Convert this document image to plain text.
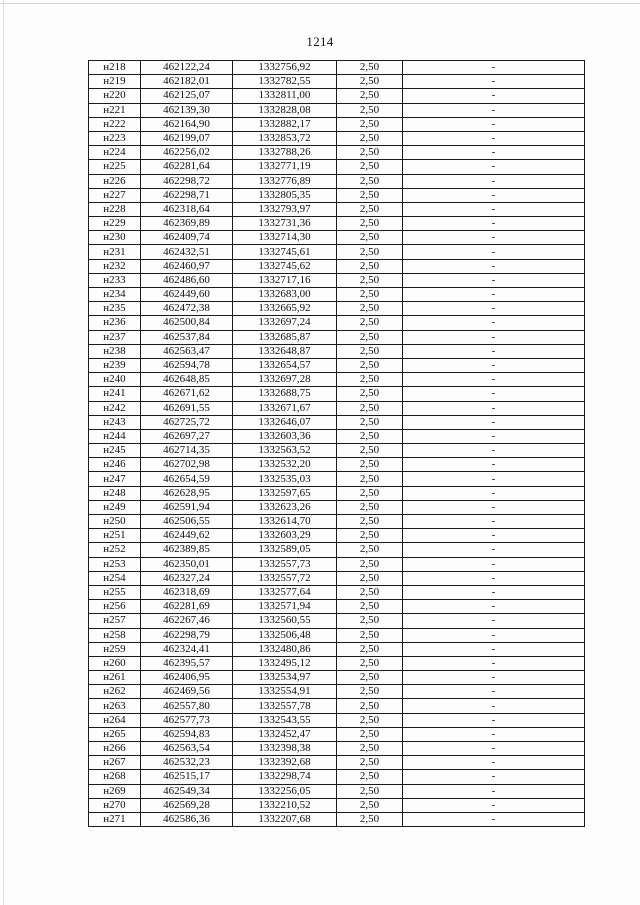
1214
н218	462122,24	1332756,92	2,50	-
н219	462182,01	1332782,55	2,50	-
н220	462125,07	1332811,00	2,50	-
н221	462139,30	1332828,08	2,50	-
н222	462164,90	1332882,17	2,50	-
н223	462199,07	1332853,72	2,50	-
н224	462256,02	1332788,26	2,50	-
н225	462281,64	1332771,19	2,50	-
н226	462298,72	1332776,89	2,50	-
н227	462298,71	1332805,35	2,50	-
н228	462318,64	1332793,97	2,50	-
н229	462369,89	1332731,36	2,50	-
н230	462409,74	1332714,30	2,50	-
н231	462432,51	1332745,61	2,50	-
н232	462460,97	1332745,62	2,50	-
н233	462486,60	1332717,16	2,50	-
н234	462449,60	1332683,00	2,50	-
н235	462472,38	1332665,92	2,50	-
н236	462500,84	1332697,24	2,50	-
н237	462537,84	1332685,87	2,50	-
н238	462563,47	1332648,87	2,50	-
н239	462594,78	1332654,57	2,50	-
н240	462648,85	1332697,28	2,50	-
н241	462671,62	1332688,75	2,50	-
н242	462691,55	1332671,67	2,50	-
н243	462725,72	1332646,07	2,50	-
н244	462697,27	1332603,36	2,50	-
н245	462714,35	1332563,52	2,50	-
н246	462702,98	1332532,20	2,50	-
н247	462654,59	1332535,03	2,50	-
н248	462628,95	1332597,65	2,50	-
н249	462591,94	1332623,26	2,50	-
н250	462506,55	1332614,70	2,50	-
н251	462449,62	1332603,29	2,50	-
н252	462389,85	1332589,05	2,50	-
н253	462350,01	1332557,73	2,50	-
н254	462327,24	1332557,72	2,50	-
н255	462318,69	1332577,64	2,50	-
н256	462281,69	1332571,94	2,50	-
н257	462267,46	1332560,55	2,50	-
н258	462298,79	1332506,48	2,50	-
н259	462324,41	1332480,86	2,50	-
н260	462395,57	1332495,12	2,50	-
н261	462406,95	1332534,97	2,50	-
н262	462469,56	1332554,91	2,50	-
н263	462557,80	1332557,78	2,50	-
н264	462577,73	1332543,55	2,50	-
н265	462594,83	1332452,47	2,50	-
н266	462563,54	1332398,38	2,50	-
н267	462532,23	1332392,68	2,50	-
н268	462515,17	1332298,74	2,50	-
н269	462549,34	1332256,05	2,50	-
н270	462569,28	1332210,52	2,50	-
н271	462586,36	1332207,68	2,50	-
